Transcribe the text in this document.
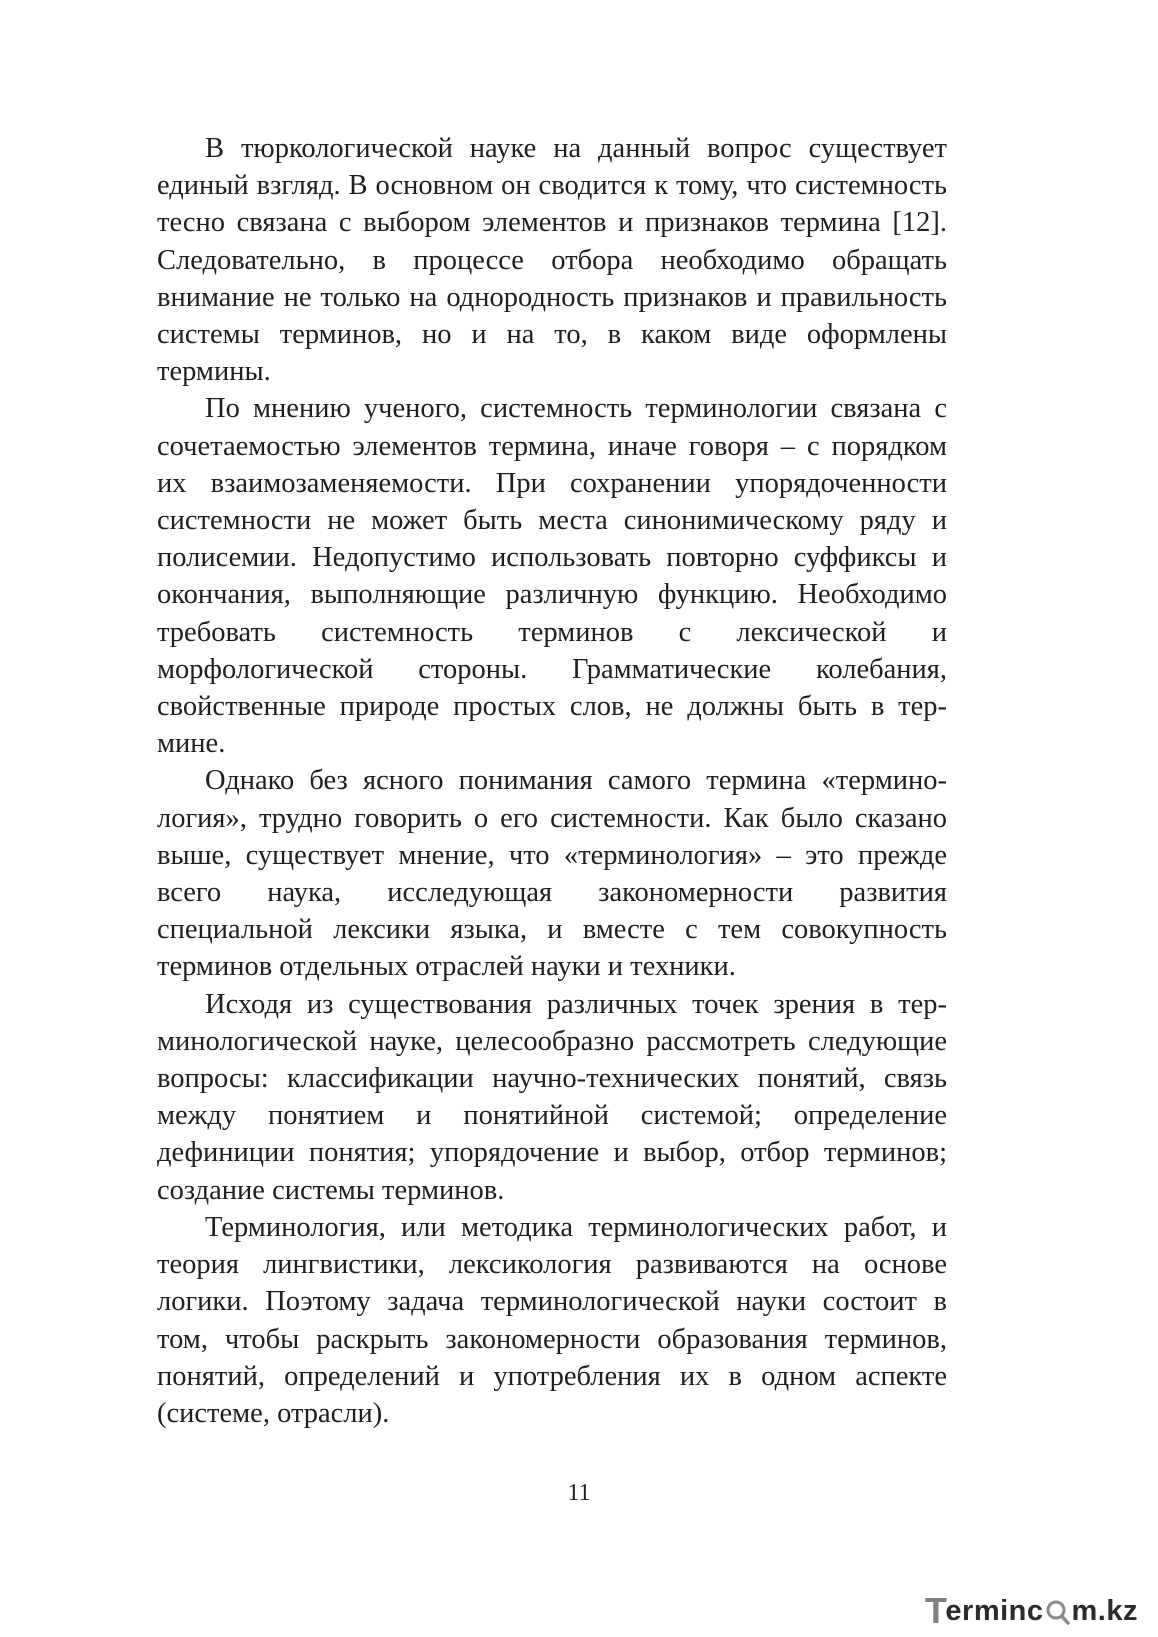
В тюркологической науке на данный вопрос существует единый взгляд. В основном он сводится к тому, что системность тесно связана с выбором элементов и признаков термина [12]. Следовательно, в процессе отбора необходимо обращать внимание не только на однородность признаков и правильность системы терминов, но и на то, в каком виде оформлены термины.

По мнению ученого, системность терминологии связана с сочетаемостью элементов термина, иначе говоря – с порядком их взаимозаменяемости. При сохранении упорядоченности системности не может быть места синонимическому ряду и полисемии. Недопустимо использовать повторно суффиксы и окончания, выполняющие различную функцию. Необходимо требовать системность терминов с лексической и морфологической стороны. Грамматические колебания, свойственные природе простых слов, не должны быть в термине.

Однако без ясного понимания самого термина «терминология», трудно говорить о его системности. Как было сказано выше, существует мнение, что «терминология» – это прежде всего наука, исследующая закономерности развития специальной лексики языка, и вместе с тем совокупность терминов отдельных отраслей науки и техники.

Исходя из существования различных точек зрения в терминологической науке, целесообразно рассмотреть следующие вопросы: классификации научно-технических понятий, связь между понятием и понятийной системой; определение дефиниции понятия; упорядочение и выбор, отбор терминов; создание системы терминов.

Терминология, или методика терминологических работ, и теория лингвистики, лексикология развиваются на основе логики. Поэтому задача терминологической науки состоит в том, чтобы раскрыть закономерности образования терминов, понятий, определений и употребления их в одном аспекте (системе, отрасли).

11
T
erminc m.kz
